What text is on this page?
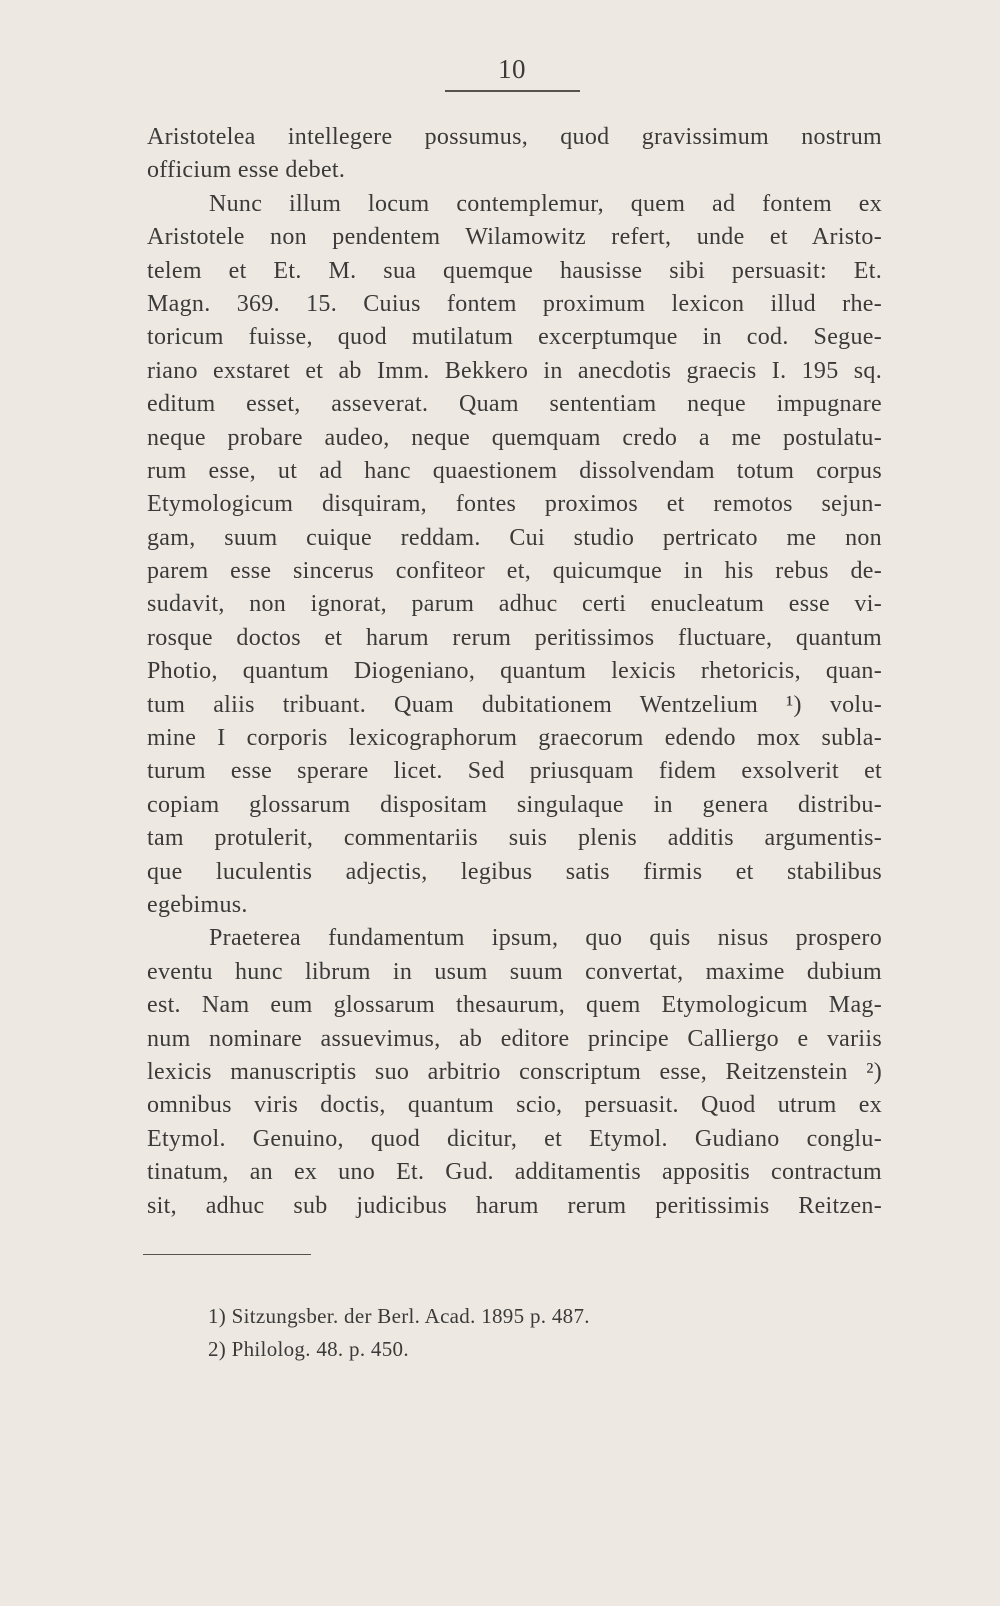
10
Aristotelea intellegere possumus, quod gravissimum nostrum
officium esse debet.
Nunc illum locum contemplemur, quem ad fontem ex
Aristotele non pendentem Wilamowitz refert, unde et Aristo-
telem et Et. M. sua quemque hausisse sibi persuasit: Et.
Magn. 369. 15. Cuius fontem proximum lexicon illud rhe-
toricum fuisse, quod mutilatum excerptumque in cod. Segue-
riano exstaret et ab Imm. Bekkero in anecdotis graecis I. 195 sq.
editum esset, asseverat. Quam sententiam neque impugnare
neque probare audeo, neque quemquam credo a me postulatu-
rum esse, ut ad hanc quaestionem dissolvendam totum corpus
Etymologicum disquiram, fontes proximos et remotos sejun-
gam, suum cuique reddam. Cui studio pertricato me non
parem esse sincerus confiteor et, quicumque in his rebus de-
sudavit, non ignorat, parum adhuc certi enucleatum esse vi-
rosque doctos et harum rerum peritissimos fluctuare, quantum
Photio, quantum Diogeniano, quantum lexicis rhetoricis, quan-
tum aliis tribuant. Quam dubitationem Wentzelium ¹) volu-
mine I corporis lexicographorum graecorum edendo mox subla-
turum esse sperare licet. Sed priusquam fidem exsolverit et
copiam glossarum dispositam singulaque in genera distribu-
tam protulerit, commentariis suis plenis additis argumentis-
que luculentis adjectis, legibus satis firmis et stabilibus
egebimus.
Praeterea fundamentum ipsum, quo quis nisus prospero
eventu hunc librum in usum suum convertat, maxime dubium
est. Nam eum glossarum thesaurum, quem Etymologicum Mag-
num nominare assuevimus, ab editore principe Calliergo e variis
lexicis manuscriptis suo arbitrio conscriptum esse, Reitzenstein ²)
omnibus viris doctis, quantum scio, persuasit. Quod utrum ex
Etymol. Genuino, quod dicitur, et Etymol. Gudiano conglu-
tinatum, an ex uno Et. Gud. additamentis appositis contractum
sit, adhuc sub judicibus harum rerum peritissimis Reitzen-
1) Sitzungsber. der Berl. Acad. 1895 p. 487.
2) Philolog. 48. p. 450.
